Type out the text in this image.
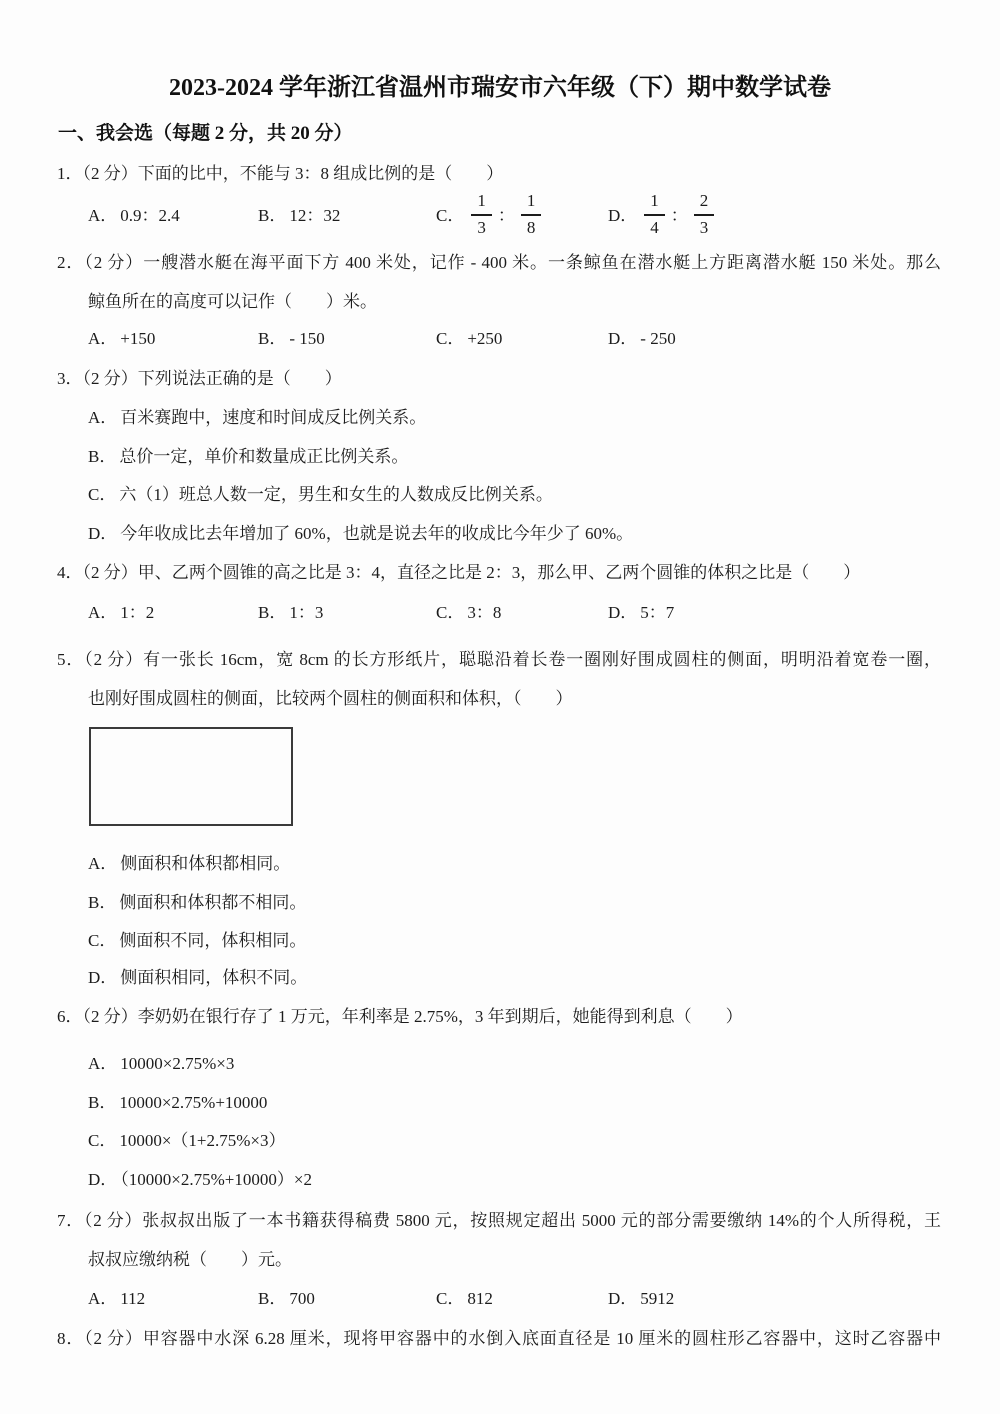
2023-2024 学年浙江省温州市瑞安市六年级（下）期中数学试卷
一、我会选（每题 2 分，共 20 分）
1．（2 分）下面的比中，不能与 3：8 组成比例的是（　　）
A． 0.9：2.4	B． 12：32	C． $\frac{1}{3}$ ： $\frac{1}{8}$	D． $\frac{1}{4}$ ： $\frac{2}{3}$
2．（2 分）一艘潜水艇在海平面下方 400 米处，记作 - 400 米。一条鲸鱼在潜水艇上方距离潜水艇 150 米处。那么
鲸鱼所在的高度可以记作（　　）米。
A． +150	B． - 150	C． +250	D． - 250
3．（2 分）下列说法正确的是（　　）
A． 百米赛跑中，速度和时间成反比例关系。
B． 总价一定，单价和数量成正比例关系。
C． 六（1）班总人数一定，男生和女生的人数成反比例关系。
D． 今年收成比去年增加了 60%，也就是说去年的收成比今年少了 60%。
4．（2 分）甲、乙两个圆锥的高之比是 3：4，直径之比是 2：3，那么甲、乙两个圆锥的体积之比是（　　）
A． 1：2	B． 1：3	C． 3：8	D． 5：7
5．（2 分）有一张长 16cm，宽 8cm 的长方形纸片，聪聪沿着长卷一圈刚好围成圆柱的侧面，明明沿着宽卷一圈，
也刚好围成圆柱的侧面，比较两个圆柱的侧面积和体积，（　　）
A． 侧面积和体积都相同。
B． 侧面积和体积都不相同。
C． 侧面积不同，体积相同。
D． 侧面积相同，体积不同。
6．（2 分）李奶奶在银行存了 1 万元，年利率是 2.75%，3 年到期后，她能得到利息（　　）
A． 10000×2.75%×3
B． 10000×2.75%+10000
C． 10000×（1+2.75%×3）
D． （10000×2.75%+10000）×2
7．（2 分）张叔叔出版了一本书籍获得稿费 5800 元，按照规定超出 5000 元的部分需要缴纳 14%的个人所得税，王
叔叔应缴纳税（　　）元。
A． 112	B． 700	C． 812	D． 5912
8．（2 分）甲容器中水深 6.28 厘米，现将甲容器中的水倒入底面直径是 10 厘米的圆柱形乙容器中，这时乙容器中
